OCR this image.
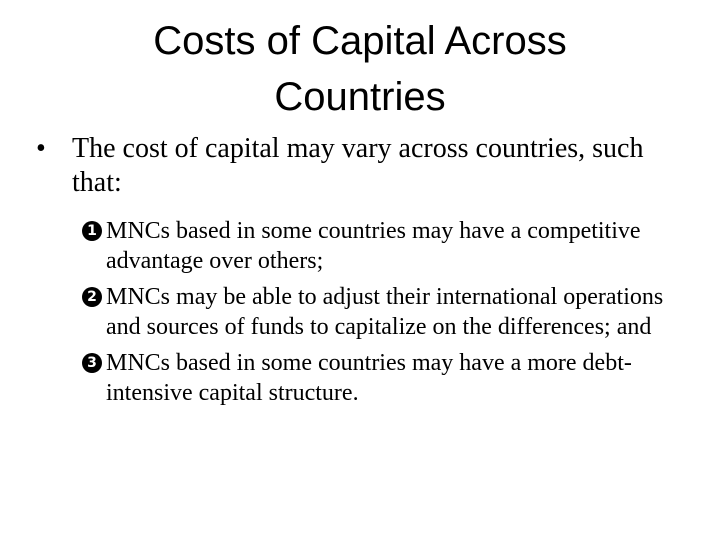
Costs of Capital Across
Countries
• The cost of capital may vary across countries, such that:
1 MNCs based in some countries may have a competitive advantage over others;
2 MNCs may be able to adjust their international operations and sources of funds to capitalize on the differences; and
3 MNCs based in some countries may have a more debt-intensive capital structure.
